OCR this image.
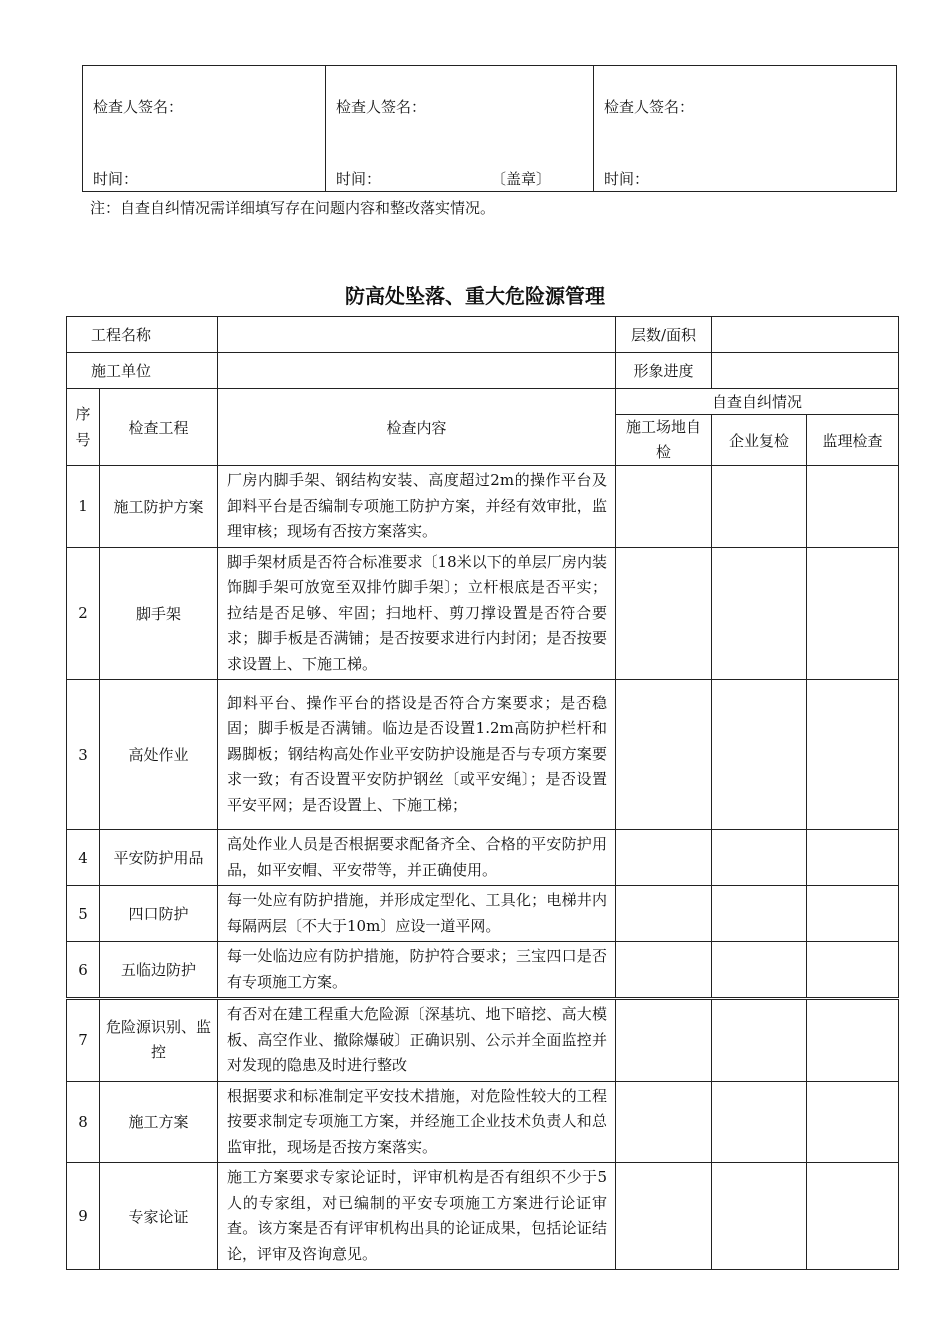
检查人签名：
时间：

检查人签名：
时间：	〔盖章〕

检查人签名：
时间：
注：自查自纠情况需详细填写存在问题内容和整改落实情况。
防高处坠落、重大危险源管理
工程名称			层数/面积		
施工单位			形象进度		
序号	检查工程	检查内容	自查自纠情况		
			施工场地自检	企业复检	监理检查
1	施工防护方案	厂房内脚手架、钢结构安装、高度超过2m的操作平台及卸料平台是否编制专项施工防护方案，并经有效审批，监理审核；现场有否按方案落实。			
2	脚手架	脚手架材质是否符合标准要求〔18米以下的单层厂房内装饰脚手架可放宽至双排竹脚手架〕；立杆根底是否平实；拉结是否足够、牢固；扫地杆、剪刀撑设置是否符合要求；脚手板是否满铺；是否按要求进行内封闭；是否按要求设置上、下施工梯。			
3	高处作业	卸料平台、操作平台的搭设是否符合方案要求；是否稳固；脚手板是否满铺。临边是否设置1.2m高防护栏杆和踢脚板；钢结构高处作业平安防护设施是否与专项方案要求一致；有否设置平安防护钢丝〔或平安绳〕；是否设置平安平网；是否设置上、下施工梯；			
4	平安防护用品	高处作业人员是否根据要求配备齐全、合格的平安防护用品，如平安帽、平安带等，并正确使用。			
5	四口防护	每一处应有防护措施，并形成定型化、工具化；电梯井内每隔两层〔不大于10m〕应设一道平网。			
6	五临边防护	每一处临边应有防护措施，防护符合要求；三宝四口是否有专项施工方案。			
7	危险源识别、监控	有否对在建工程重大危险源〔深基坑、地下暗挖、高大模板、高空作业、撤除爆破〕正确识别、公示并全面监控并对发现的隐患及时进行整改			
8	施工方案	根据要求和标准制定平安技术措施，对危险性较大的工程按要求制定专项施工方案，并经施工企业技术负责人和总监审批，现场是否按方案落实。			
9	专家论证	施工方案要求专家论证时，评审机构是否有组织不少于5人的专家组，对已编制的平安专项施工方案进行论证审查。该方案是否有评审机构出具的论证成果，包括论证结论，评审及咨询意见。			
